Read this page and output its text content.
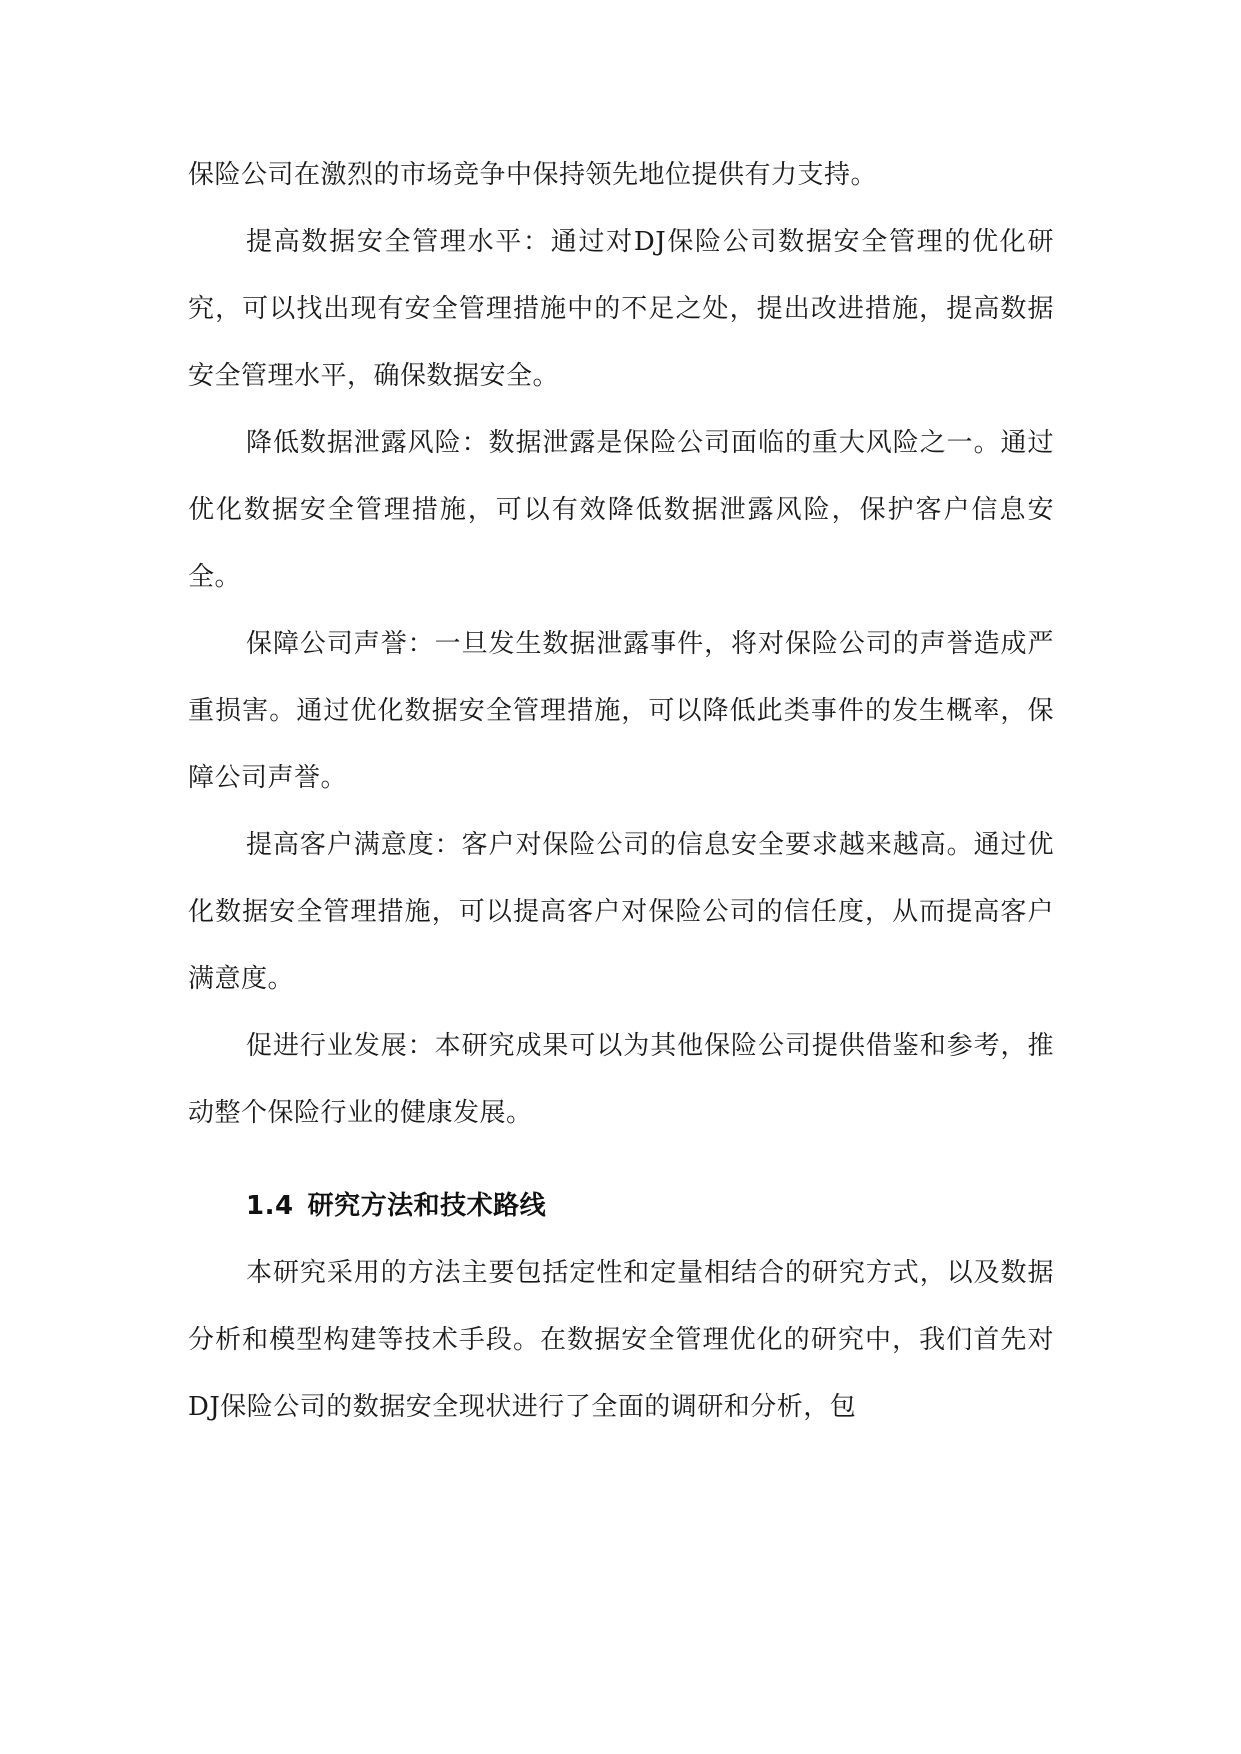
保险公司在激烈的市场竞争中保持领先地位提供有力支持。

提高数据安全管理水平：通过对DJ保险公司数据安全管理的优化研究，可以找出现有安全管理措施中的不足之处，提出改进措施，提高数据安全管理水平，确保数据安全。

降低数据泄露风险：数据泄露是保险公司面临的重大风险之一。通过优化数据安全管理措施，可以有效降低数据泄露风险，保护客户信息安全。

保障公司声誉：一旦发生数据泄露事件，将对保险公司的声誉造成严重损害。通过优化数据安全管理措施，可以降低此类事件的发生概率，保障公司声誉。

提高客户满意度：客户对保险公司的信息安全要求越来越高。通过优化数据安全管理措施，可以提高客户对保险公司的信任度，从而提高客户满意度。

促进行业发展：本研究成果可以为其他保险公司提供借鉴和参考，推动整个保险行业的健康发展。

1.4 研究方法和技术路线

本研究采用的方法主要包括定性和定量相结合的研究方式，以及数据分析和模型构建等技术手段。在数据安全管理优化的研究中，我们首先对DJ保险公司的数据安全现状进行了全面的调研和分析，包
